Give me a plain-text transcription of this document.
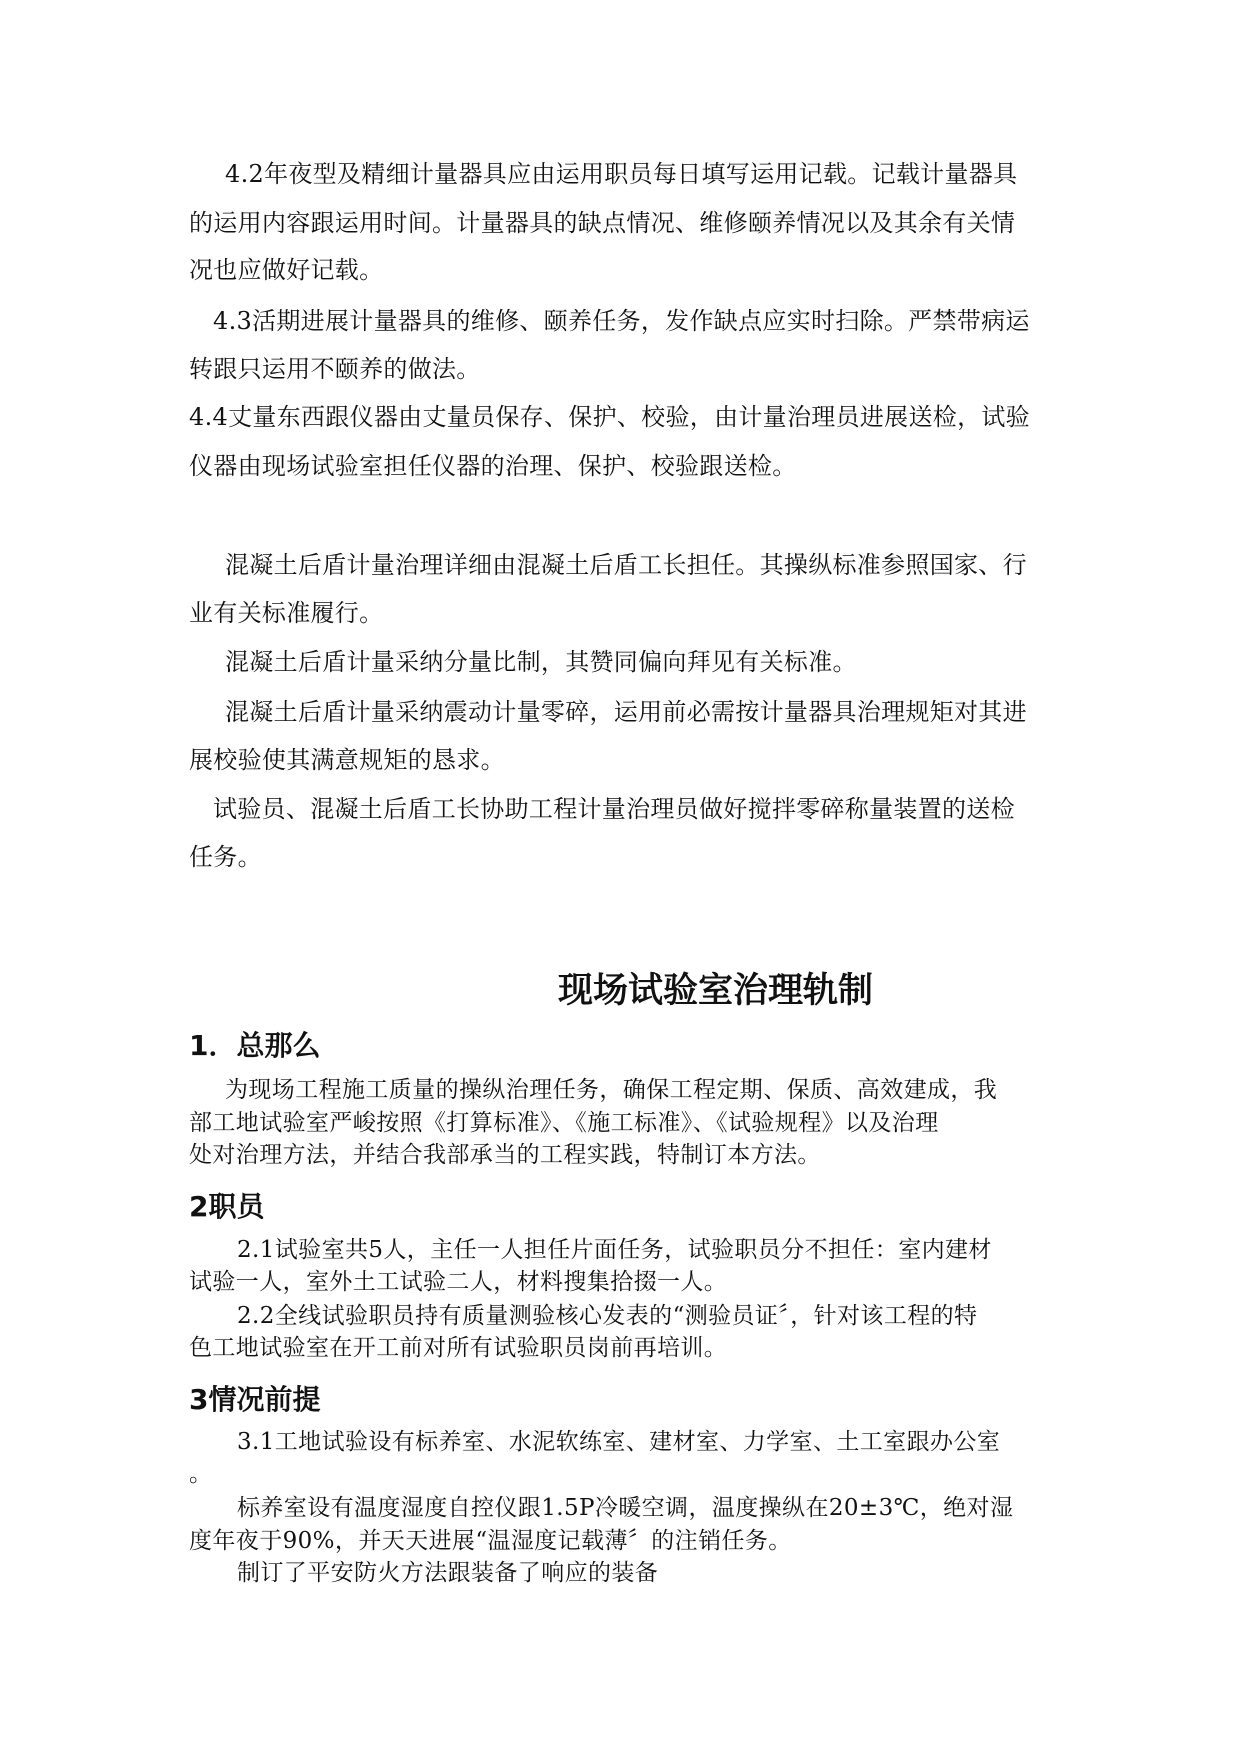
4.2年夜型及精细计量器具应由运用职员每日填写运用记载。记载计量器具
的运用内容跟运用时间。计量器具的缺点情况、维修颐养情况以及其余有关情
况也应做好记载。
4.3活期进展计量器具的维修、颐养任务，发作缺点应实时扫除。严禁带病运
转跟只运用不颐养的做法。
4.4丈量东西跟仪器由丈量员保存、保护、校验，由计量治理员进展送检，试验
仪器由现场试验室担任仪器的治理、保护、校验跟送检。
混凝土后盾计量治理详细由混凝土后盾工长担任。其操纵标准参照国家、行
业有关标准履行。
混凝土后盾计量采纳分量比制，其赞同偏向拜见有关标准。
混凝土后盾计量采纳震动计量零碎，运用前必需按计量器具治理规矩对其进
展校验使其满意规矩的恳求。
试验员、混凝土后盾工长协助工程计量治理员做好搅拌零碎称量装置的送检
任务。
现场试验室治理轨制
1．总那么
为现场工程施工质量的操纵治理任务，确保工程定期、保质、高效建成，我
部工地试验室严峻按照《打算标准》、《施工标准》、《试验规程》以及治理
处对治理方法，并结合我部承当的工程实践，特制订本方法。
2职员
2.1试验室共5人，主任一人担任片面任务，试验职员分不担任：室内建材
试验一人，室外土工试验二人，材料搜集拾掇一人。
2.2全线试验职员持有质量测验核心发表的“测验员证〞，针对该工程的特
色工地试验室在开工前对所有试验职员岗前再培训。
3情况前提
3.1工地试验设有标养室、水泥软练室、建材室、力学室、土工室跟办公室
。
标养室设有温度湿度自控仪跟1.5P冷暖空调，温度操纵在20±3℃，绝对湿
度年夜于90%，并天天进展“温湿度记载薄〞的注销任务。
制订了平安防火方法跟装备了响应的装备
